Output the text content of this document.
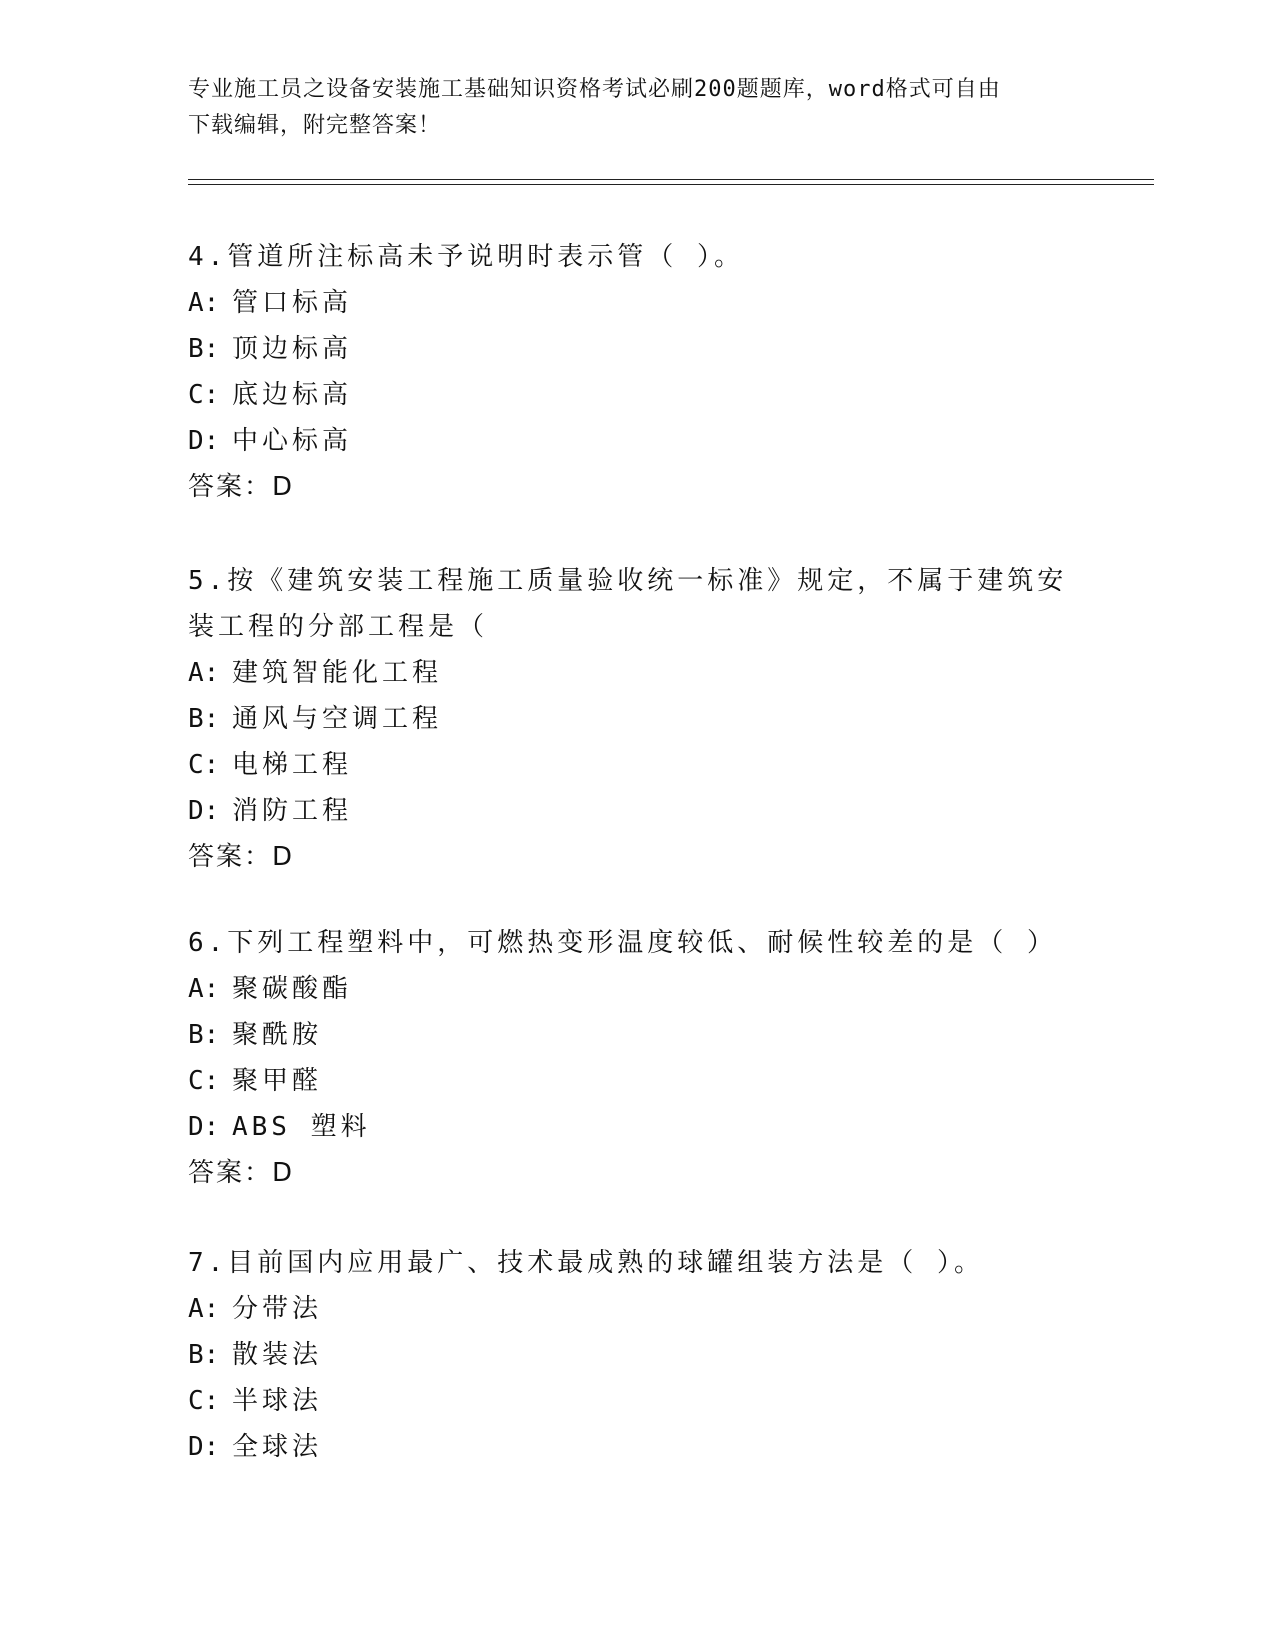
专业施工员之设备安装施工基础知识资格考试必刷200题题库，word格式可自由
下载编辑，附完整答案！
4.管道所注标高未予说明时表示管（ ）。
A: 管口标高
B: 顶边标高
C: 底边标高
D: 中心标高
答案：D
5.按《建筑安装工程施工质量验收统一标准》规定，不属于建筑安装工程的分部工程是（
A: 建筑智能化工程
B: 通风与空调工程
C: 电梯工程
D: 消防工程
答案：D
6.下列工程塑料中，可燃热变形温度较低、耐候性较差的是（ ）
A: 聚碳酸酯
B: 聚酰胺
C: 聚甲醛
D: ABS 塑料
答案：D
7.目前国内应用最广、技术最成熟的球罐组装方法是（ ）。
A: 分带法
B: 散装法
C: 半球法
D: 全球法
